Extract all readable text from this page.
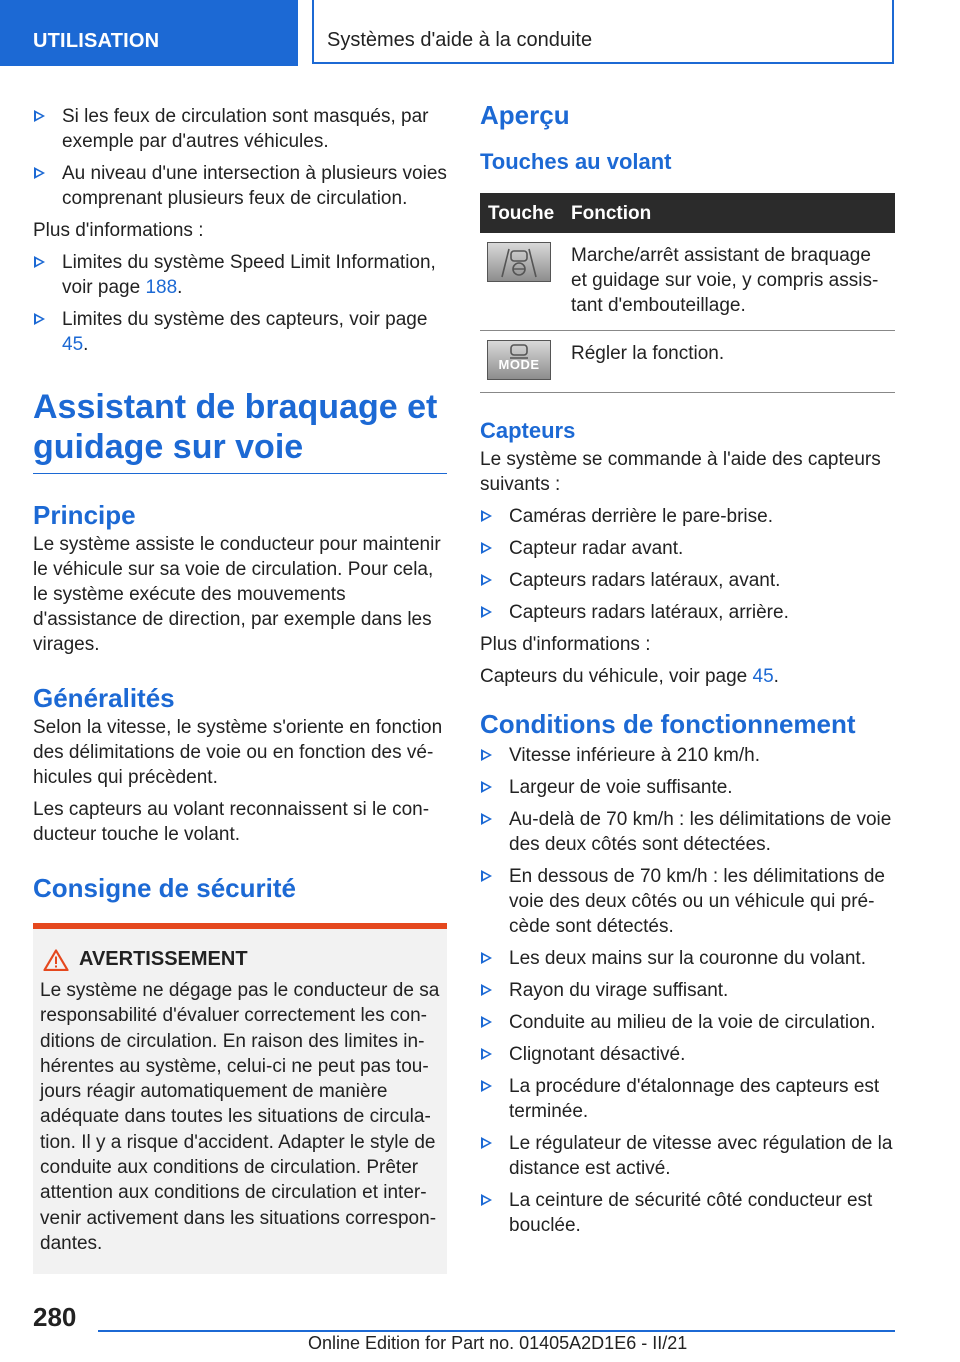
UTILISATION	Systèmes d'aide à la conduite
Si les feux de circulation sont masqués, par exemple par d'autres véhicules.
Au niveau d'une intersection à plusieurs voies comprenant plusieurs feux de circulation.

Plus d'informations :

Limites du système Speed Limit Information, voir page 188.
Limites du système des capteurs, voir page 45.
Assistant de braquage et guidage sur voie
Principe

Le système assiste le conducteur pour maintenir le véhicule sur sa voie de circulation. Pour cela, le système exécute des mouvements d'assistance de direction, par exemple dans les virages.

Généralités

Selon la vitesse, le système s'oriente en fonction des délimitations de voie ou en fonction des véhicules qui précèdent.

Les capteurs au volant reconnaissent si le conducteur touche le volant.

Consigne de sécurité
AVERTISSEMENT
Le système ne dégage pas le conducteur de sa responsabilité d'évaluer correctement les conditions de circulation. En raison des limites inhérentes au système, celui-ci ne peut pas toujours réagir automatiquement de manière adéquate dans toutes les situations de circulation. Il y a risque d'accident. Adapter le style de conduite aux conditions de circulation. Prêter attention aux conditions de circulation et intervenir activement dans les situations correspondantes.
Aperçu
Touches au volant
Touche	Fonction

	Marche/arrêt assistant de braquage et guidage sur voie, y compris assistant d'embouteillage.

MODE	Régler la fonction.
Capteurs

Le système se commande à l'aide des capteurs suivants :

Caméras derrière le pare-brise.
Capteur radar avant.
Capteurs radars latéraux, avant.
Capteurs radars latéraux, arrière.

Plus d'informations :

Capteurs du véhicule, voir page 45.

Conditions de fonctionnement
Vitesse inférieure à 210 km/h.
Largeur de voie suffisante.
Au-delà de 70 km/h : les délimitations de voie des deux côtés sont détectées.
En dessous de 70 km/h : les délimitations de voie des deux côtés ou un véhicule qui précède sont détectés.
Les deux mains sur la couronne du volant.
Rayon du virage suffisant.
Conduite au milieu de la voie de circulation.
Clignotant désactivé.
La procédure d'étalonnage des capteurs est terminée.
Le régulateur de vitesse avec régulation de la distance est activé.
La ceinture de sécurité côté conducteur est bouclée.
280
Online Edition for Part no. 01405A2D1E6 - II/21
